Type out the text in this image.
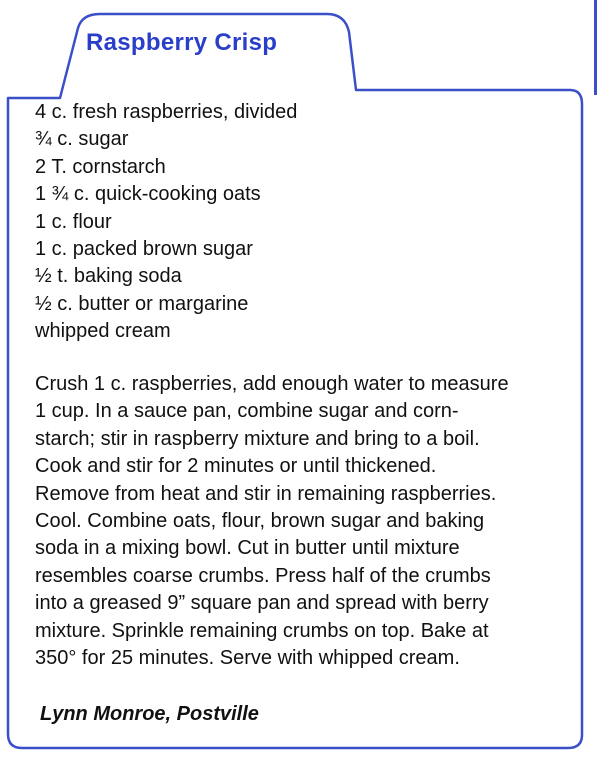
Raspberry Crisp
4 c. fresh raspberries, divided
¾ c. sugar
2 T. cornstarch
1 ¾ c. quick-cooking oats
1 c. flour
1 c. packed brown sugar
½ t. baking soda
½ c. butter or margarine
whipped cream
Crush 1 c. raspberries, add enough water to measure
1 cup. In a sauce pan, combine sugar and corn-
starch; stir in raspberry mixture and bring to a boil.
Cook and stir for 2 minutes or until thickened.
Remove from heat and stir in remaining raspberries.
Cool. Combine oats, flour, brown sugar and baking
soda in a mixing bowl. Cut in butter until mixture
resembles coarse crumbs. Press half of the crumbs
into a greased 9” square pan and spread with berry
mixture. Sprinkle remaining crumbs on top. Bake at
350° for 25 minutes. Serve with whipped cream.
Lynn Monroe, Postville
